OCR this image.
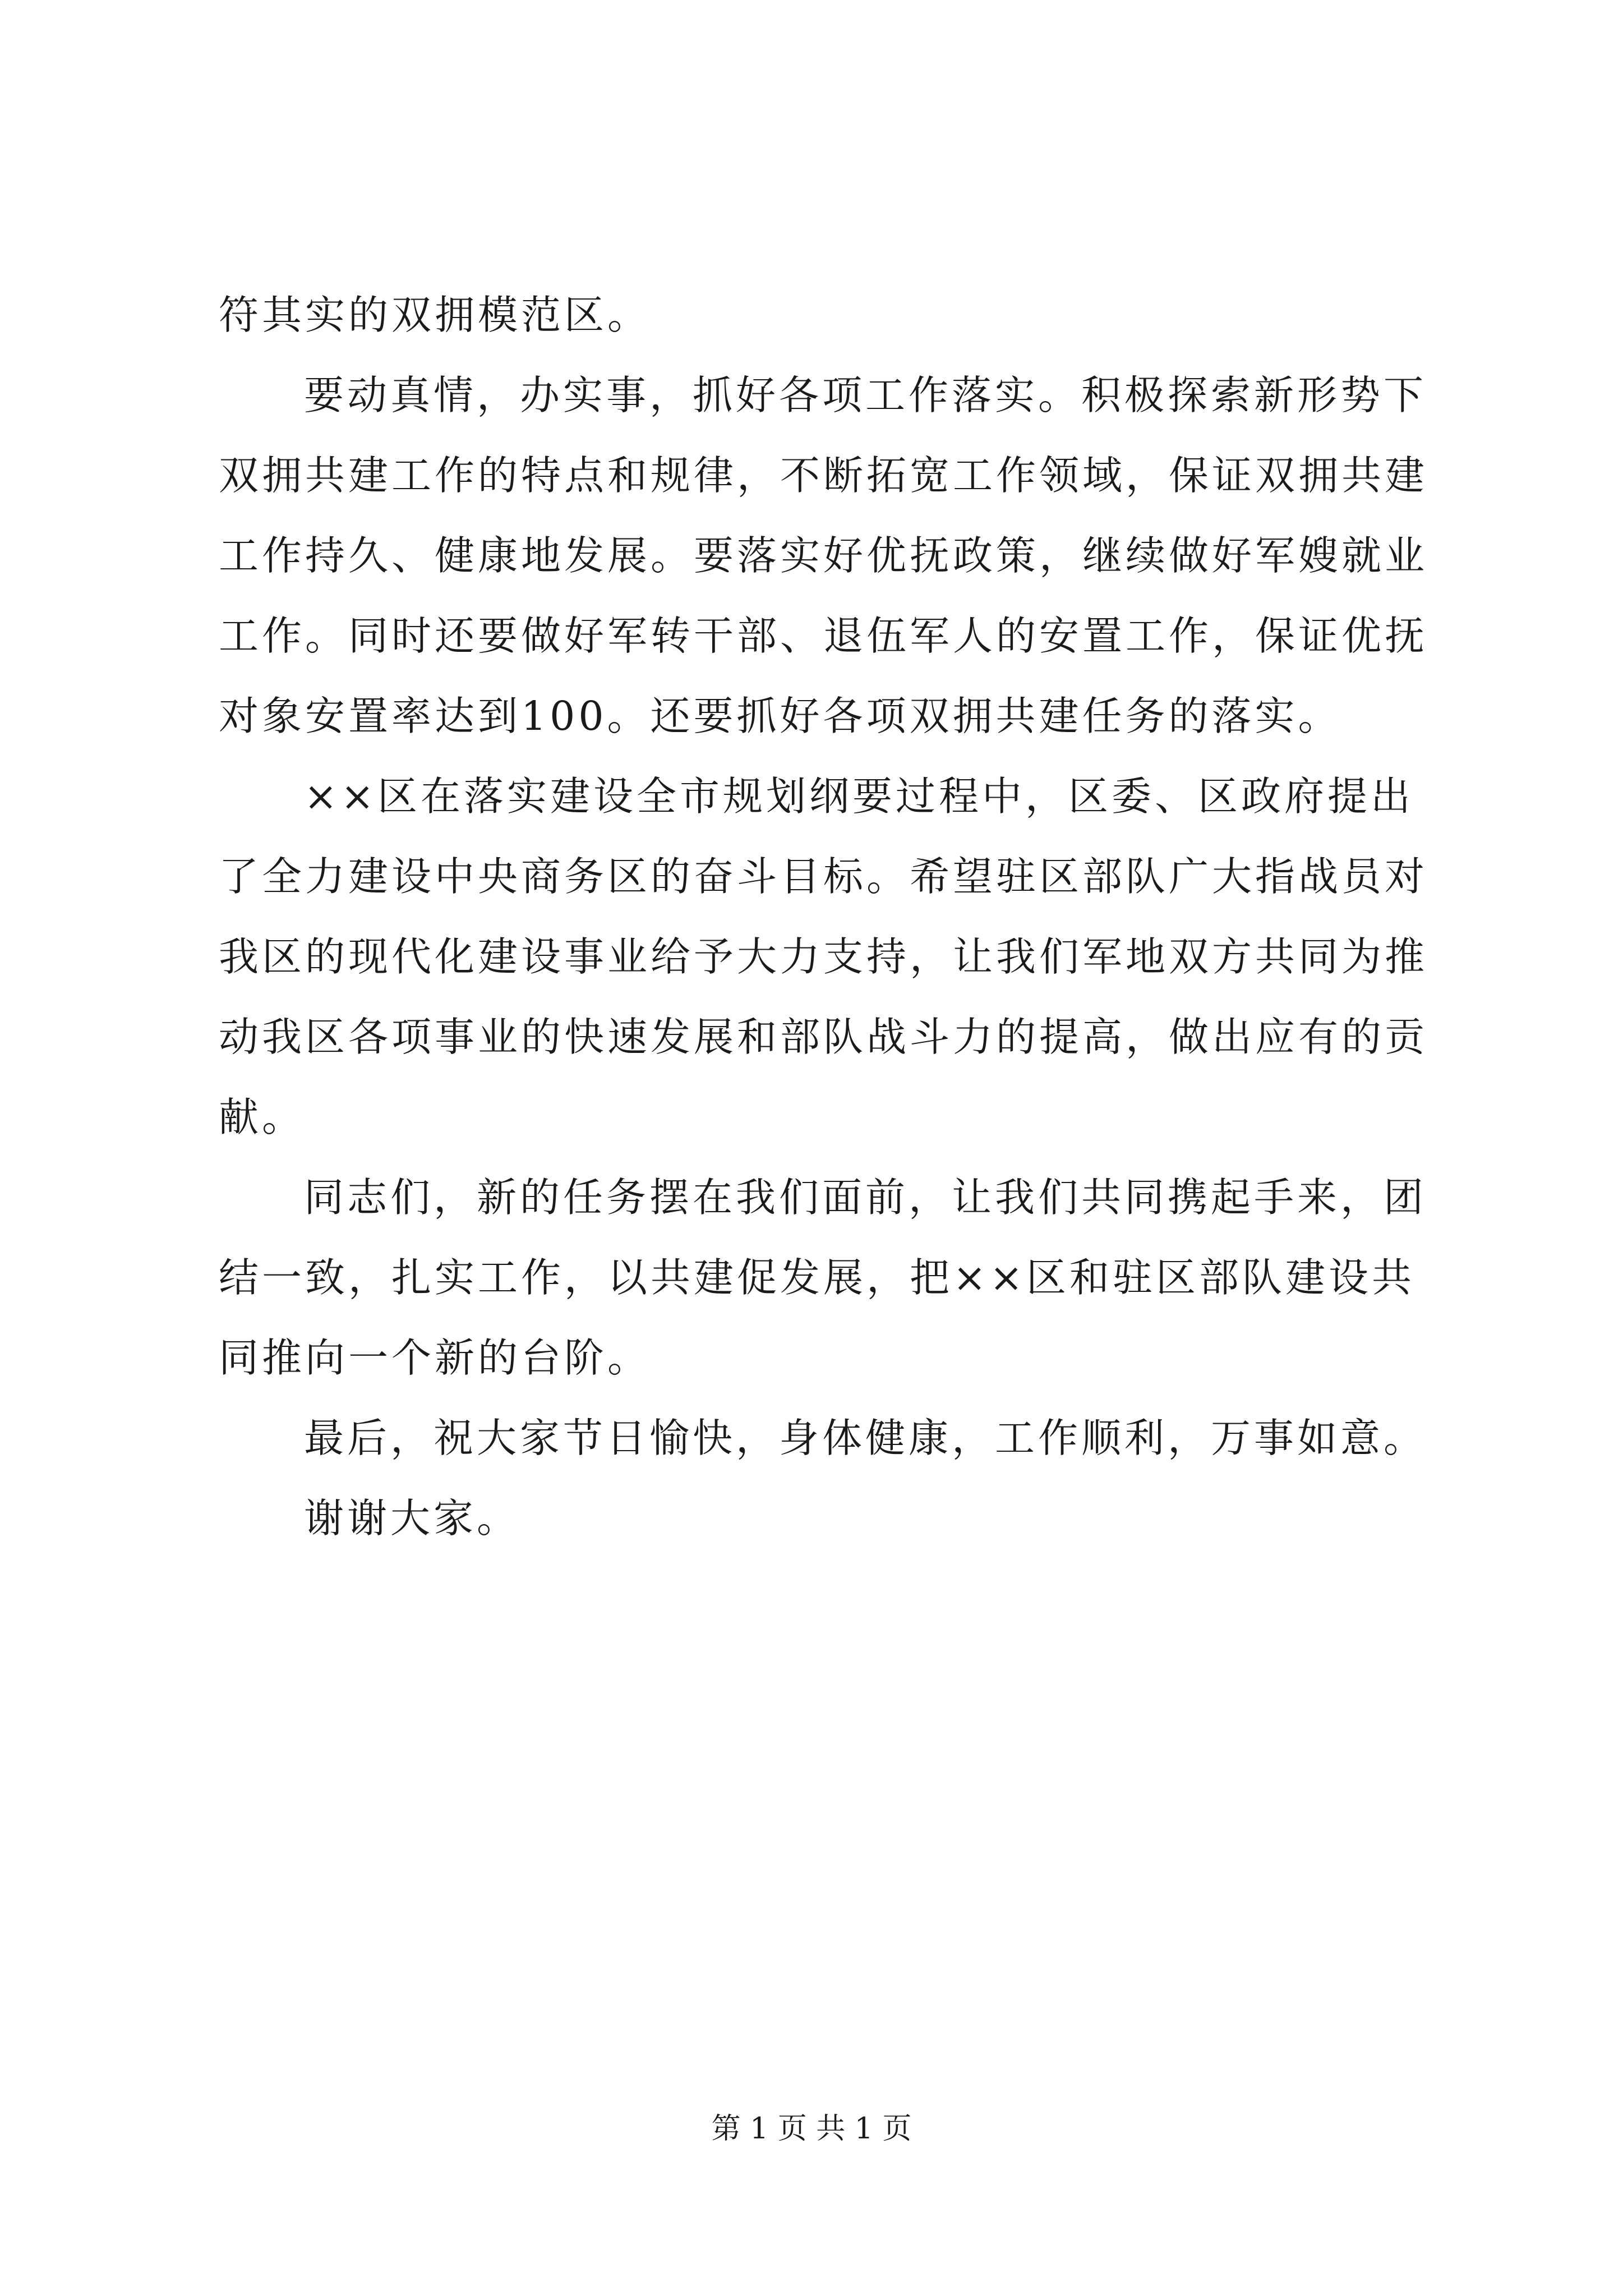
符其实的双拥模范区。
要动真情，办实事，抓好各项工作落实。积极探索新形势下
双拥共建工作的特点和规律，不断拓宽工作领域，保证双拥共建
工作持久、健康地发展。要落实好优抚政策，继续做好军嫂就业
工作。同时还要做好军转干部、退伍军人的安置工作，保证优抚
对象安置率达到100。还要抓好各项双拥共建任务的落实。
××区在落实建设全市规划纲要过程中，区委、区政府提出
了全力建设中央商务区的奋斗目标。希望驻区部队广大指战员对
我区的现代化建设事业给予大力支持，让我们军地双方共同为推
动我区各项事业的快速发展和部队战斗力的提高，做出应有的贡
献。
同志们，新的任务摆在我们面前，让我们共同携起手来，团
结一致，扎实工作，以共建促发展，把××区和驻区部队建设共
同推向一个新的台阶。
最后，祝大家节日愉快，身体健康，工作顺利，万事如意。
谢谢大家。
第 1 页 共 1 页
